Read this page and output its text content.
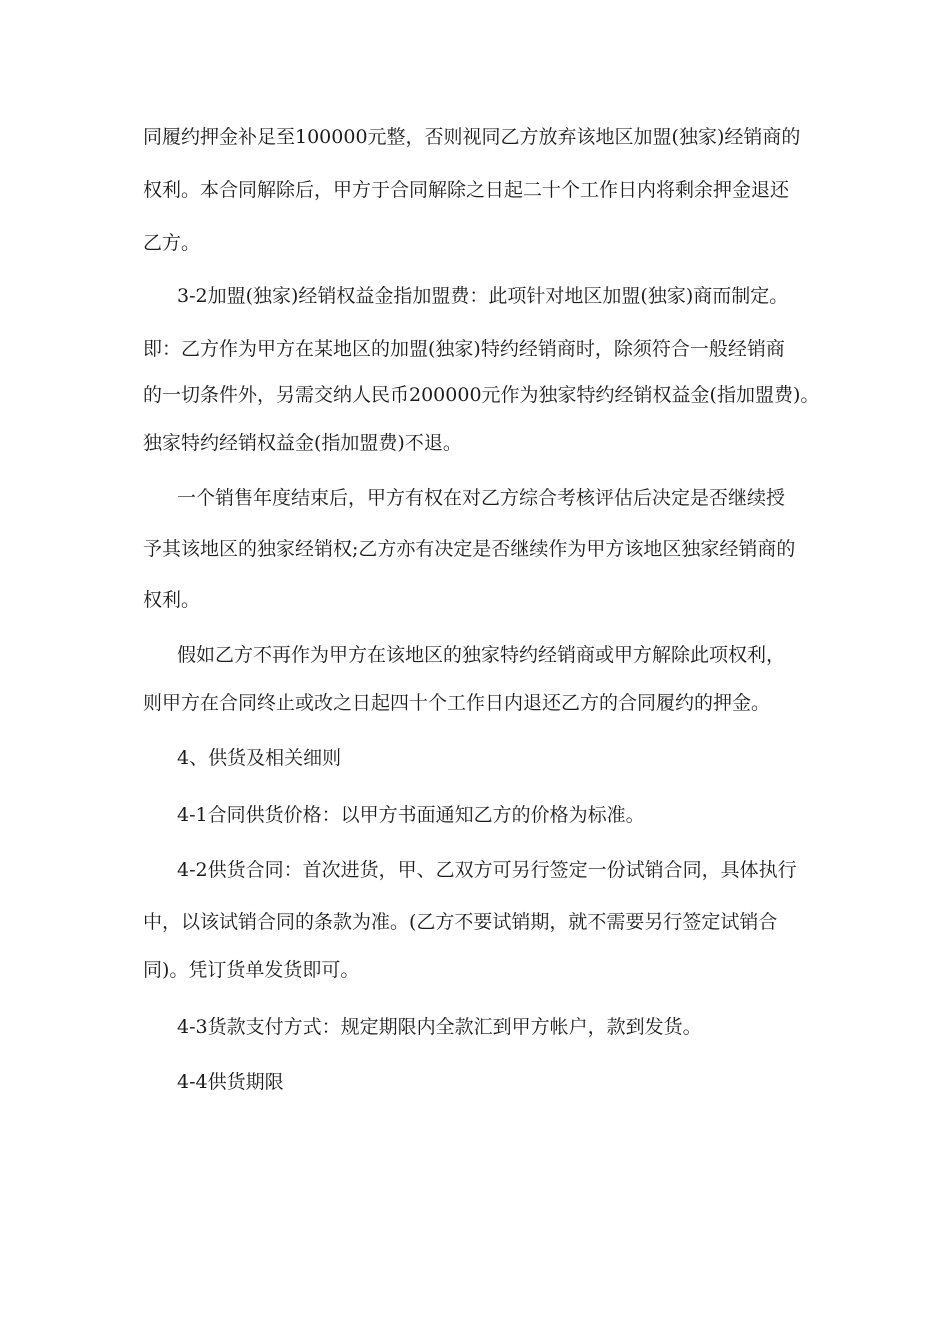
同履约押金补足至100000元整，否则视同乙方放弃该地区加盟(独家)经销商的

权利。本合同解除后，甲方于合同解除之日起二十个工作日内将剩余押金退还

乙方。

3-2加盟(独家)经销权益金指加盟费：此项针对地区加盟(独家)商而制定。

即：乙方作为甲方在某地区的加盟(独家)特约经销商时，除须符合一般经销商

的一切条件外，另需交纳人民币200000元作为独家特约经销权益金(指加盟费)。

独家特约经销权益金(指加盟费)不退。

一个销售年度结束后，甲方有权在对乙方综合考核评估后决定是否继续授

予其该地区的独家经销权;乙方亦有决定是否继续作为甲方该地区独家经销商的

权利。

假如乙方不再作为甲方在该地区的独家特约经销商或甲方解除此项权利，

则甲方在合同终止或改之日起四十个工作日内退还乙方的合同履约的押金。

4、供货及相关细则

4-1合同供货价格：以甲方书面通知乙方的价格为标准。

4-2供货合同：首次进货，甲、乙双方可另行签定一份试销合同，具体执行

中，以该试销合同的条款为准。(乙方不要试销期，就不需要另行签定试销合

同)。凭订货单发货即可。

4-3货款支付方式：规定期限内全款汇到甲方帐户，款到发货。

4-4供货期限
